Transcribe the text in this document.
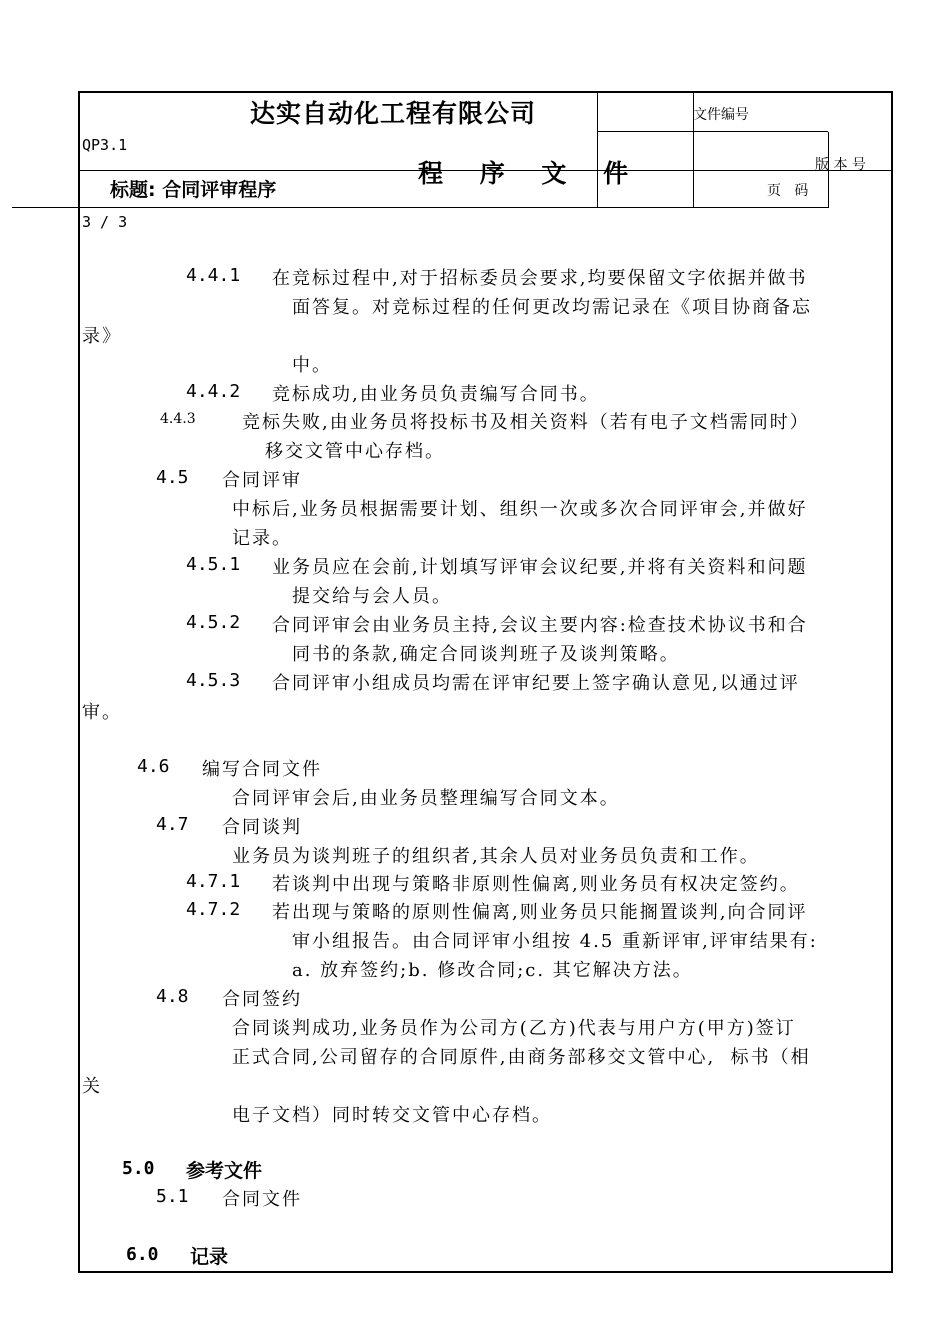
达实自动化工程有限公司
QP3.1
程 序 文 件
文件编号
版 本 号
标题: 合同评审程序	页   码
3 / 3
4.4.1 在竞标过程中,对于招标委员会要求,均要保留文字依据并做书
面答复。对竞标过程的任何更改均需记录在《项目协商备忘
录》
中。
4.4.2 竞标成功,由业务员负责编写合同书。
4.4.3	竞标失败,由业务员将投标书及相关资料（若有电子文档需同时）
移交文管中心存档。
4.5 合同评审
中标后,业务员根据需要计划、组织一次或多次合同评审会,并做好
记录。
4.5.1 业务员应在会前,计划填写评审会议纪要,并将有关资料和问题
提交给与会人员。
4.5.2 合同评审会由业务员主持,会议主要内容:检查技术协议书和合
同书的条款,确定合同谈判班子及谈判策略。
4.5.3 合同评审小组成员均需在评审纪要上签字确认意见,以通过评
审。
4.6 编写合同文件
合同评审会后,由业务员整理编写合同文本。
4.7 合同谈判
业务员为谈判班子的组织者,其余人员对业务员负责和工作。
4.7.1 若谈判中出现与策略非原则性偏离,则业务员有权决定签约。
4.7.2 若出现与策略的原则性偏离,则业务员只能搁置谈判,向合同评
审小组报告。由合同评审小组按 4.5 重新评审,评审结果有:
a. 放弃签约;b. 修改合同;c. 其它解决方法。
4.8 合同签约
合同谈判成功,业务员作为公司方(乙方)代表与用户方(甲方)签订
正式合同,公司留存的合同原件,由商务部移交文管中心,  标书（相
关
电子文档）同时转交文管中心存档。
5.0 参考文件
5.1 合同文件
6.0 记录
